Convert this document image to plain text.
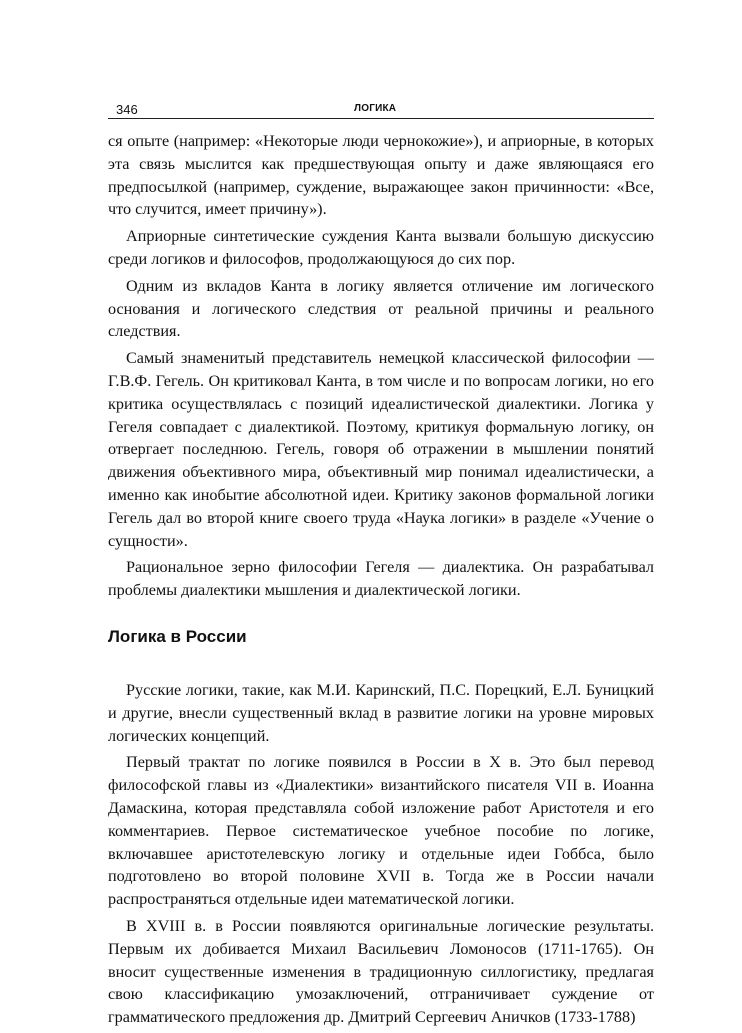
346	ЛОГИКА

ся опыте (например: «Некоторые люди чернокожие»), и априорные, в которых эта связь мыслится как предшествующая опыту и даже являющаяся его предпосылкой (например, суждение, выражающее закон причинности: «Все, что случится, имеет причину»).

Априорные синтетические суждения Канта вызвали большую дискуссию среди логиков и философов, продолжающуюся до сих пор.

Одним из вкладов Канта в логику является отличение им логического основания и логического следствия от реальной причины и реального следствия.

Самый знаменитый представитель немецкой классической философии — Г.В.Ф. Гегель. Он критиковал Канта, в том числе и по вопросам логики, но его критика осуществлялась с позиций идеалистической диалектики. Логика у Гегеля совпадает с диалектикой. Поэтому, критикуя формальную логику, он отвергает последнюю. Гегель, говоря об отражении в мышлении понятий движения объективного мира, объективный мир понимал идеалистически, а именно как инобытие абсолютной идеи. Критику законов формальной логики Гегель дал во второй книге своего труда «Наука логики» в разделе «Учение о сущности».

Рациональное зерно философии Гегеля — диалектика. Он разрабатывал проблемы диалектики мышления и диалектической логики.

Логика в России

Русские логики, такие, как М.И. Каринский, П.С. Порецкий, Е.Л. Буницкий и другие, внесли существенный вклад в развитие логики на уровне мировых логических концепций.

Первый трактат по логике появился в России в X в. Это был перевод философской главы из «Диалектики» византийского писателя VII в. Иоанна Дамаскина, которая представляла собой изложение работ Аристотеля и его комментариев. Первое систематическое учебное пособие по логике, включавшее аристотелевскую логику и отдельные идеи Гоббса, было подготовлено во второй половине XVII в. Тогда же в России начали распространяться отдельные идеи математической логики.

В XVIII в. в России появляются оригинальные логические результаты. Первым их добивается Михаил Васильевич Ломоносов (1711-1765). Он вносит существенные изменения в традиционную силлогистику, предлагая свою классификацию умозаключений, отграничивает суждение от грамматического предложения др. Дмитрий Сергеевич Аничков (1733-1788)
